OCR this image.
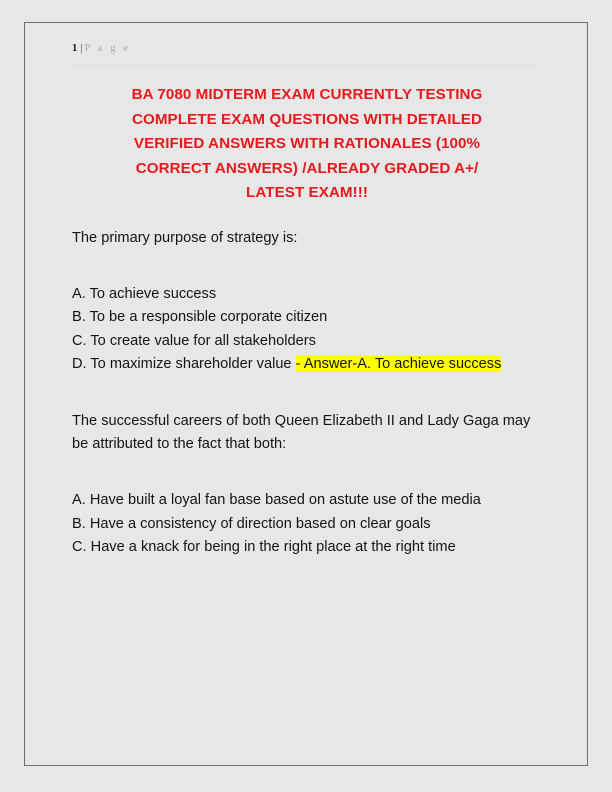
1 | P a g e
BA 7080 MIDTERM EXAM CURRENTLY TESTING
COMPLETE EXAM QUESTIONS WITH DETAILED
VERIFIED ANSWERS WITH RATIONALES (100%
CORRECT ANSWERS) /ALREADY GRADED A+/
LATEST EXAM!!!

The primary purpose of strategy is:

A. To achieve success
B. To be a responsible corporate citizen
C. To create value for all stakeholders
D. To maximize shareholder value - Answer-A. To achieve success

The successful careers of both Queen Elizabeth II and Lady Gaga may be attributed to the fact that both:

A. Have built a loyal fan base based on astute use of the media
B. Have a consistency of direction based on clear goals
C. Have a knack for being in the right place at the right time
